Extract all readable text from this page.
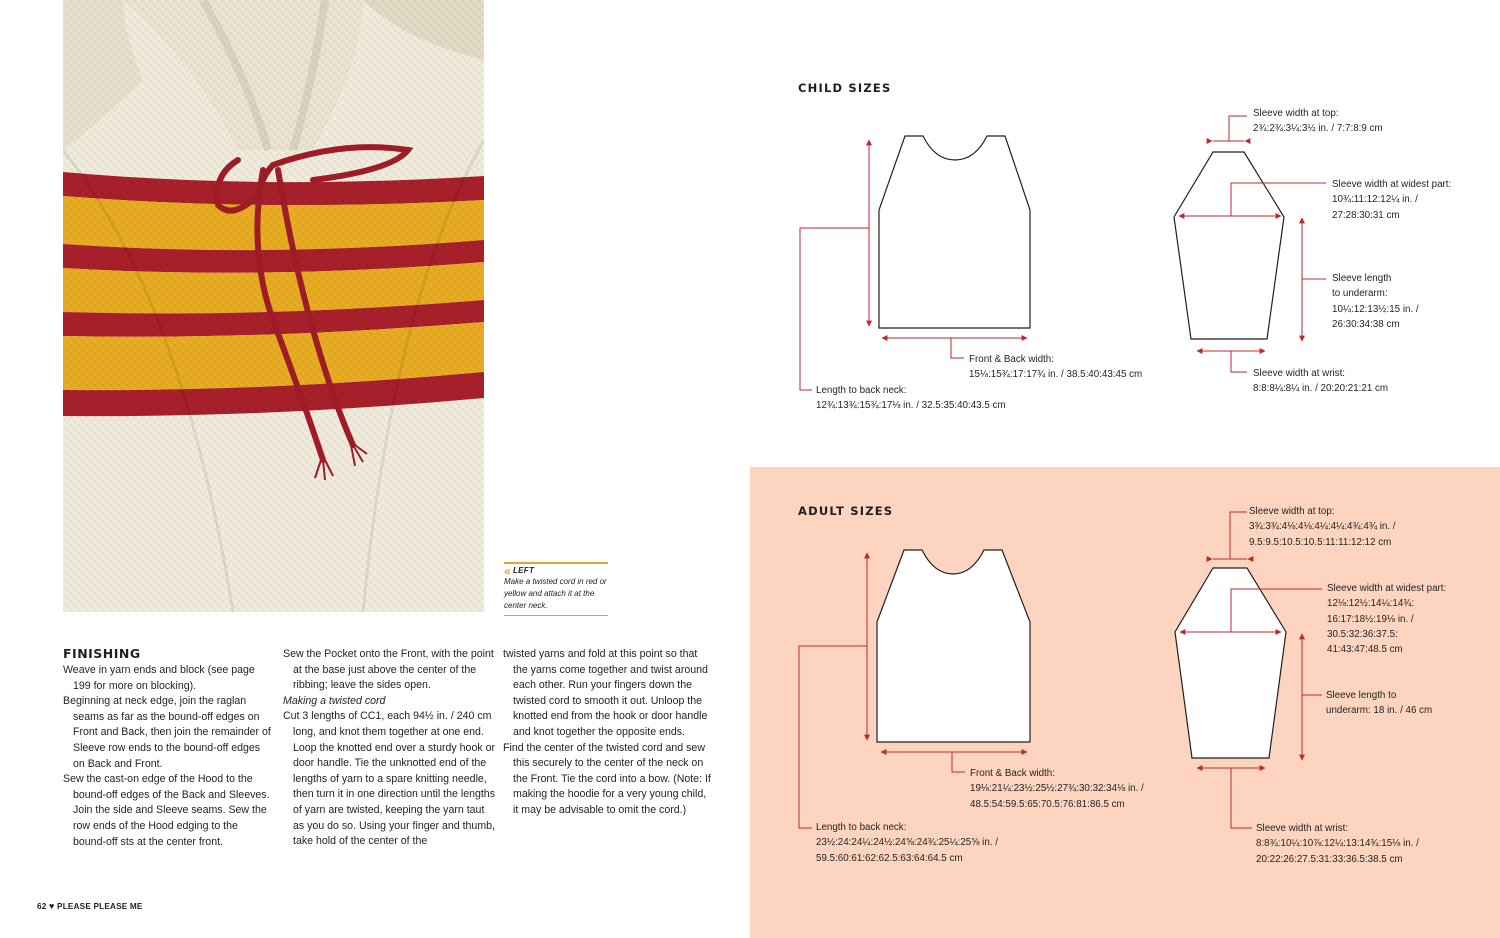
« LEFT
Make a twisted cord in red or yellow and attach it at the center neck.
FINISHING

Weave in yarn ends and block (see page 199 for more on blocking).

Beginning at neck edge, join the raglan seams as far as the bound-off edges on Front and Back, then join the remainder of Sleeve row ends to the bound-off edges on Back and Front.

Sew the cast-on edge of the Hood to the bound-off edges of the Back and Sleeves. Join the side and Sleeve seams. Sew the row ends of the Hood edging to the bound-off sts at the center front.

Sew the Pocket onto the Front, with the point at the base just above the center of the ribbing; leave the sides open.

Making a twisted cord

Cut 3 lengths of CC1, each 94½ in. / 240 cm long, and knot them together at one end. Loop the knotted end over a sturdy hook or door handle. Tie the unknotted end of the lengths of yarn to a spare knitting needle, then turn it in one direction until the lengths of yarn are twisted, keeping the yarn taut as you do so. Using your finger and thumb, take hold of the center of the

twisted yarns and fold at this point so that the yarns come together and twist around each other. Run your fingers down the twisted cord to smooth it out. Unloop the knotted end from the hook or door handle and knot together the opposite ends.

Find the center of the twisted cord and sew this securely to the center of the neck on the Front. Tie the cord into a bow. (Note: If making the hoodie for a very young child, it may be advisable to omit the cord.)

62 ♥ PLEASE PLEASE ME
CHILD SIZES
Front & Back width:
15⅛:15¾:17:17¾ in. / 38.5:40:43:45 cm
Length to back neck:
12¾:13¾:15¾:17⅛ in. / 32.5:35:40:43.5 cm
Sleeve width at top:
2¾:2¾:3¼:3½ in. / 7:7:8:9 cm
Sleeve width at widest part:
10¾:11:12:12¼ in. /
27:28:30:31 cm
Sleeve length
to underarm:
10¼:12:13½:15 in. /
26:30:34:38 cm
Sleeve width at wrist:
8:8:8¼:8¼ in. / 20:20:21:21 cm
ADULT SIZES	Sleeve width at top:
3¾:3¾:4⅛:4⅛:4¼:4¼:4¾:4¾ in. /
9.5:9.5:10.5:10.5:11:11:12:12 cm
Sleeve width at widest part:
12⅛:12½:14¼:14¾:
16:17:18½:19⅛ in. /
30.5:32:36:37.5:
41:43:47:48.5 cm
Sleeve length to
underarm: 18 in. / 46 cm
Front & Back width:
19⅛:21¼:23½:25½:27¾:30:32:34⅛ in. /
48.5:54:59.5:65:70.5:76:81:86.5 cm
Length to back neck:
23½:24:24¼:24½:24⅝:24¾:25¼:25⅝ in. /
59.5:60:61:62:62.5:63:64:64.5 cm
Sleeve width at wrist:
8:8¾:10¼:10⅞:12¼:13:14¾:15⅛ in. /
20:22:26:27.5:31:33:36.5:38.5 cm
